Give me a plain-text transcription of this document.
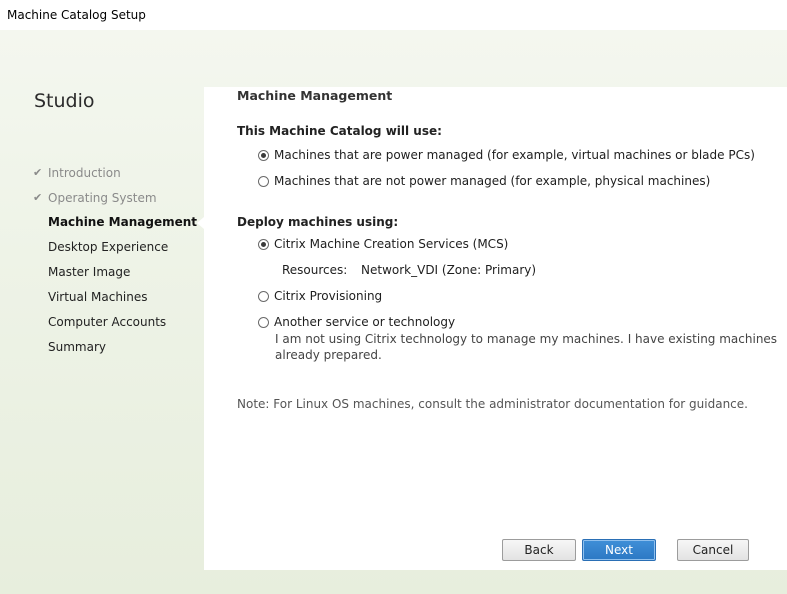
Machine Catalog Setup
Studio
✔ Introduction
✔ Operating System
Machine Management
Desktop Experience
Master Image
Virtual Machines
Computer Accounts
Summary
Machine Management
This Machine Catalog will use:
Machines that are power managed (for example, virtual machines or blade PCs)
Machines that are not power managed (for example, physical machines)
Deploy machines using:
Citrix Machine Creation Services (MCS)
Resources: Network_VDI (Zone: Primary)
Citrix Provisioning
Another service or technology
I am not using Citrix technology to manage my machines. I have existing machines
already prepared.
Note: For Linux OS machines, consult the administrator documentation for guidance.
Back	Next	Cancel
